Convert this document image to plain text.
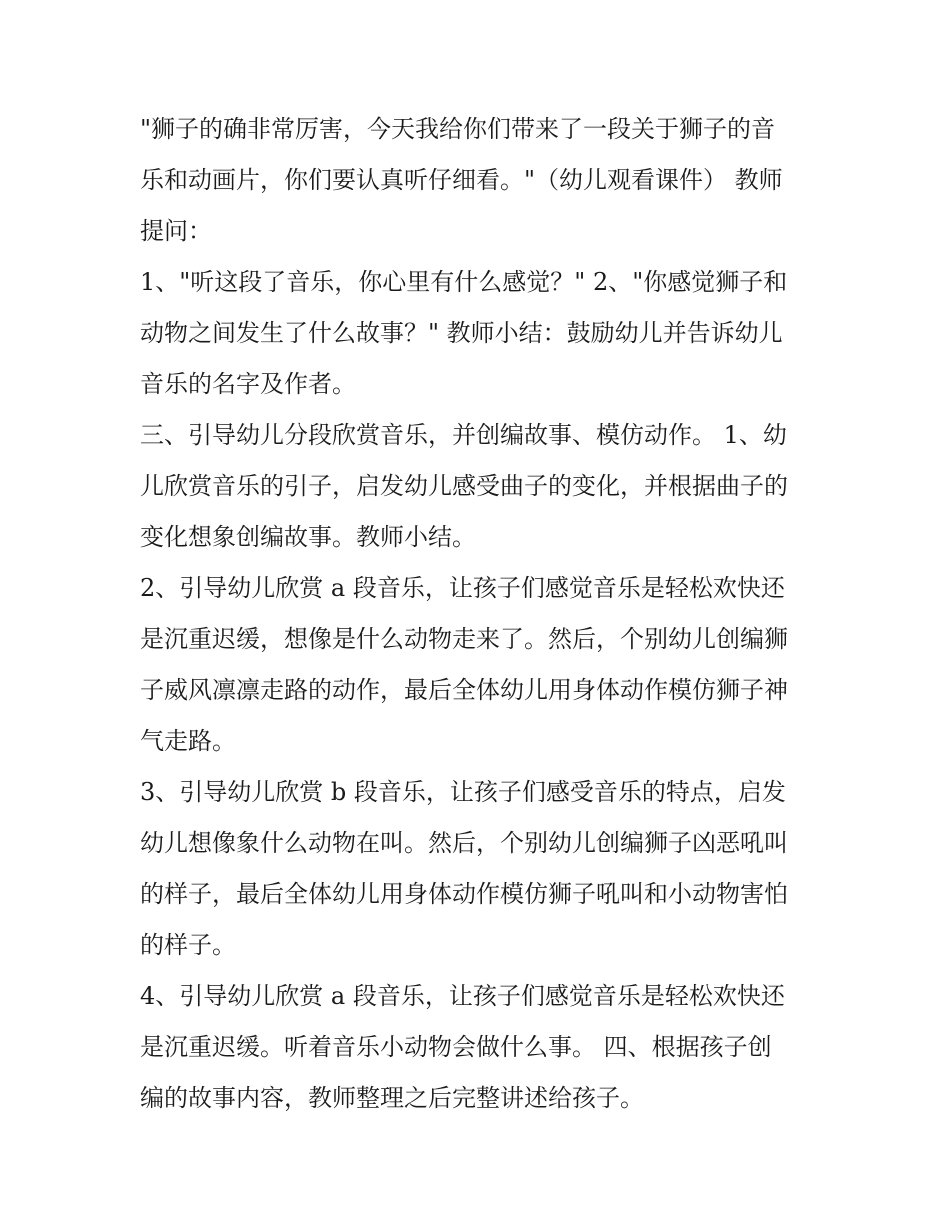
"狮子的确非常厉害，今天我给你们带来了一段关于狮子的音
乐和动画片，你们要认真听仔细看。"（幼儿观看课件） 教师
提问：

1、"听这段了音乐，你心里有什么感觉？" 2、"你感觉狮子和
动物之间发生了什么故事？" 教师小结：鼓励幼儿并告诉幼儿
音乐的名字及作者。

三、引导幼儿分段欣赏音乐，并创编故事、模仿动作。 1、幼
儿欣赏音乐的引子，启发幼儿感受曲子的变化，并根据曲子的
变化想象创编故事。教师小结。

2、引导幼儿欣赏 a 段音乐，让孩子们感觉音乐是轻松欢快还
是沉重迟缓，想像是什么动物走来了。然后，个别幼儿创编狮
子威风凛凛走路的动作，最后全体幼儿用身体动作模仿狮子神
气走路。

3、引导幼儿欣赏 b 段音乐，让孩子们感受音乐的特点，启发
幼儿想像象什么动物在叫。然后，个别幼儿创编狮子凶恶吼叫
的样子，最后全体幼儿用身体动作模仿狮子吼叫和小动物害怕
的样子。

4、引导幼儿欣赏 a 段音乐，让孩子们感觉音乐是轻松欢快还
是沉重迟缓。听着音乐小动物会做什么事。 四、根据孩子创
编的故事内容，教师整理之后完整讲述给孩子。
